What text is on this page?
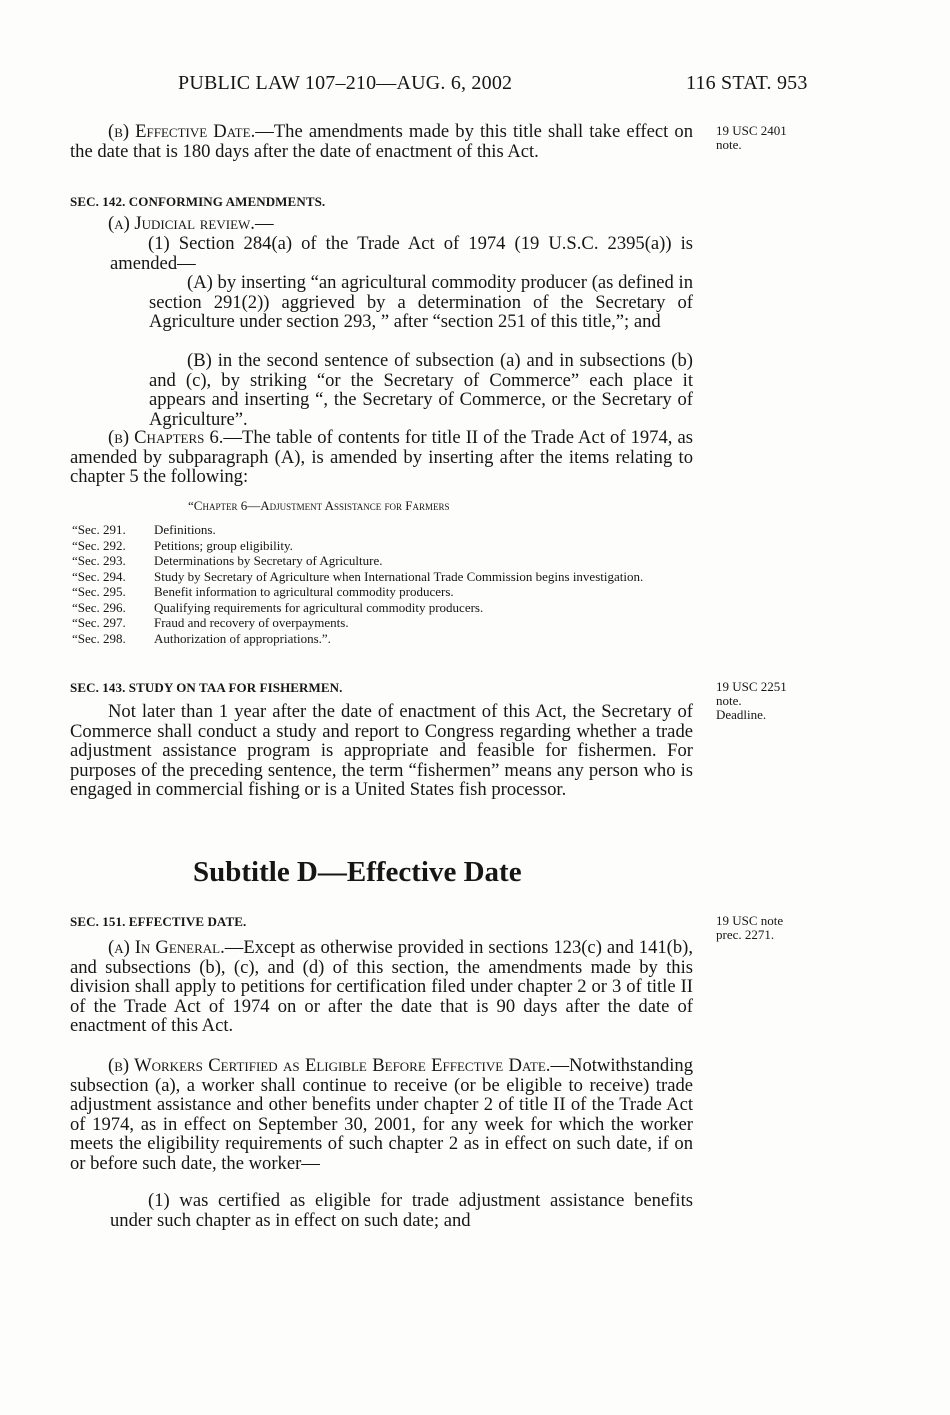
PUBLIC LAW 107–210—AUG. 6, 2002	116 STAT. 953
(b) Effective Date.—The amendments made by this title shall take effect on the date that is 180 days after the date of enactment of this Act.
19 USC 2401
note.
SEC. 142. CONFORMING AMENDMENTS.
(a) Judicial review.—
(1) Section 284(a) of the Trade Act of 1974 (19 U.S.C. 2395(a)) is amended—
(A) by inserting “an agricultural commodity producer (as defined in section 291(2)) aggrieved by a determination of the Secretary of Agriculture under section 293, ” after “section 251 of this title,”; and
(B) in the second sentence of subsection (a) and in subsections (b) and (c), by striking “or the Secretary of Commerce” each place it appears and inserting “, the Secretary of Commerce, or the Secretary of Agriculture”.
(b) Chapters 6.—The table of contents for title II of the Trade Act of 1974, as amended by subparagraph (A), is amended by inserting after the items relating to chapter 5 the following:
“Chapter 6—Adjustment Assistance for Farmers
“Sec. 291.	Definitions.
“Sec. 292.	Petitions; group eligibility.
“Sec. 293.	Determinations by Secretary of Agriculture.
“Sec. 294.	Study by Secretary of Agriculture when International Trade Commission begins investigation.
“Sec. 295.	Benefit information to agricultural commodity producers.
“Sec. 296.	Qualifying requirements for agricultural commodity producers.
“Sec. 297.	Fraud and recovery of overpayments.
“Sec. 298.	Authorization of appropriations.”.
SEC. 143. STUDY ON TAA FOR FISHERMEN.
Not later than 1 year after the date of enactment of this Act, the Secretary of Commerce shall conduct a study and report to Congress regarding whether a trade adjustment assistance program is appropriate and feasible for fishermen. For purposes of the preceding sentence, the term “fishermen” means any person who is engaged in commercial fishing or is a United States fish processor.
19 USC 2251
note.
Deadline.
Subtitle D—Effective Date
SEC. 151. EFFECTIVE DATE.	19 USC note
prec. 2271.
(a) In General.—Except as otherwise provided in sections 123(c) and 141(b), and subsections (b), (c), and (d) of this section, the amendments made by this division shall apply to petitions for certification filed under chapter 2 or 3 of title II of the Trade Act of 1974 on or after the date that is 90 days after the date of enactment of this Act.
(b) Workers Certified as Eligible Before Effective Date.—Notwithstanding subsection (a), a worker shall continue to receive (or be eligible to receive) trade adjustment assistance and other benefits under chapter 2 of title II of the Trade Act of 1974, as in effect on September 30, 2001, for any week for which the worker meets the eligibility requirements of such chapter 2 as in effect on such date, if on or before such date, the worker—
(1) was certified as eligible for trade adjustment assistance benefits under such chapter as in effect on such date; and
